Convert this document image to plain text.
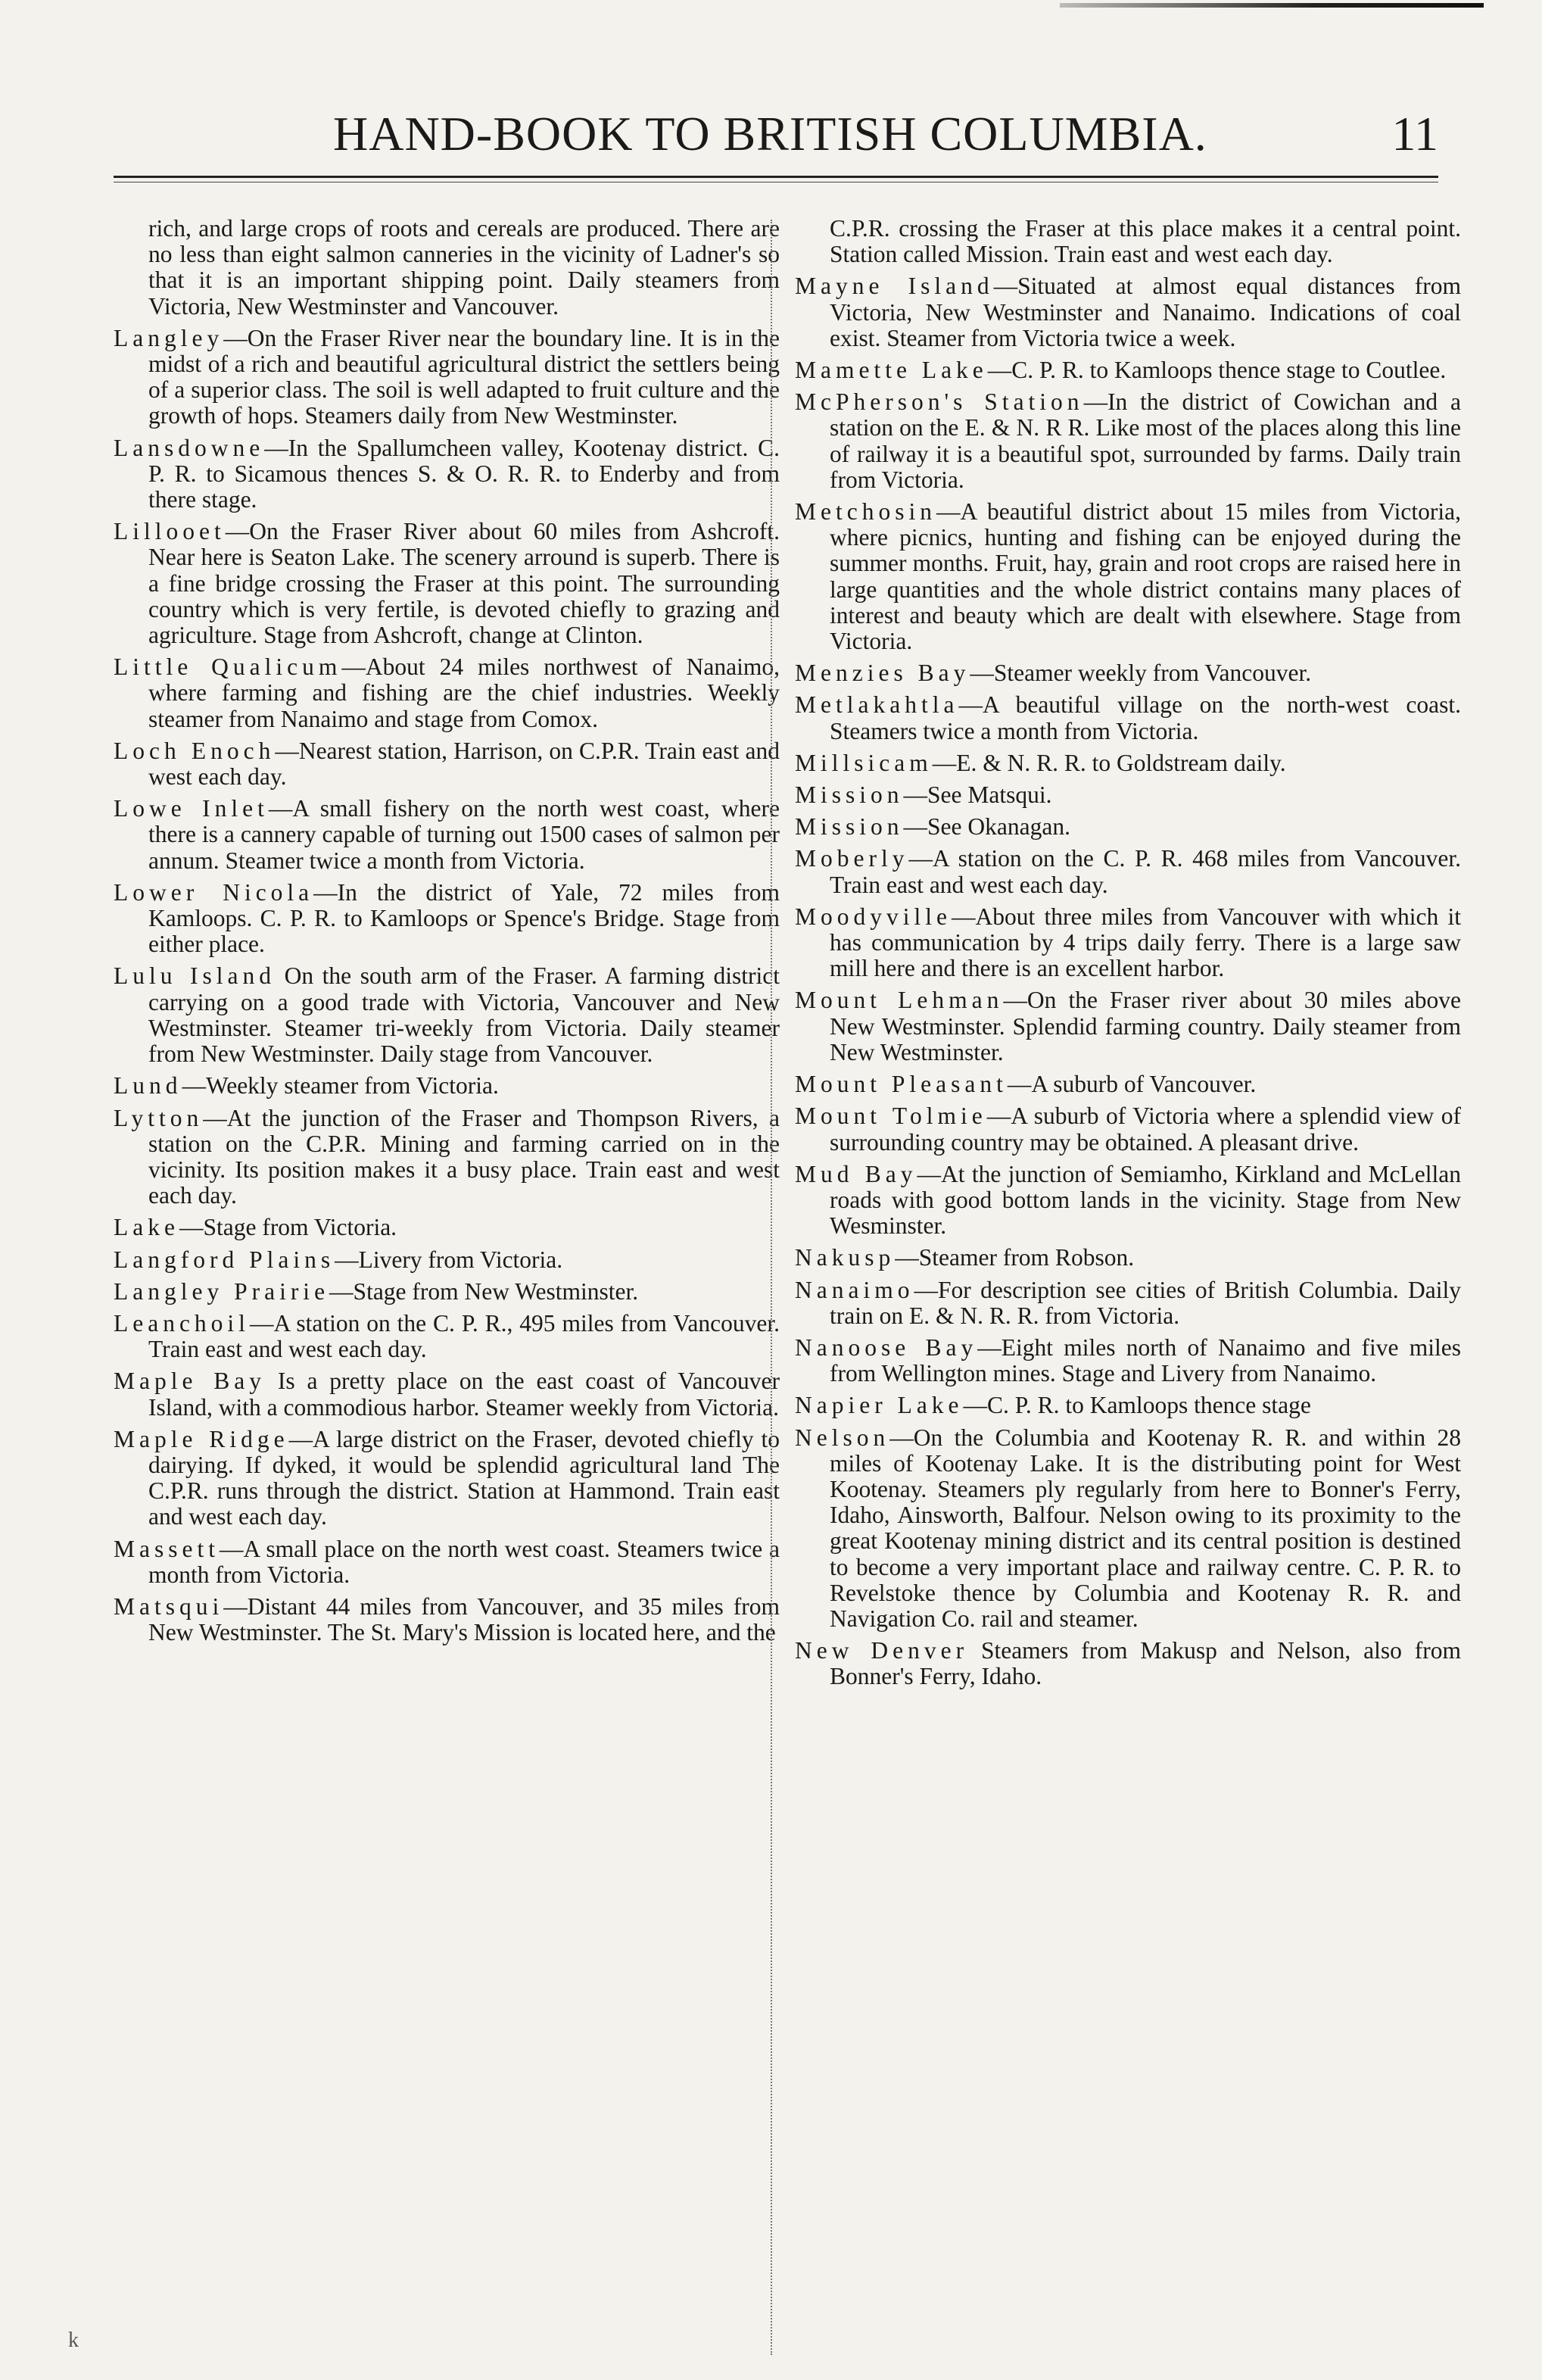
HAND-BOOK TO BRITISH COLUMBIA.	11

rich, and large crops of roots and cereals are produced. There are no less than eight salmon canneries in the vicinity of Ladner's so that it is an important shipping point. Daily steamers from Victoria, New Westminster and Vancouver.

Langley—On the Fraser River near the boundary line. It is in the midst of a rich and beautiful agricultural district the settlers being of a superior class. The soil is well adapted to fruit culture and the growth of hops. Steamers daily from New Westminster.

Lansdowne—In the Spallumcheen valley, Kootenay district. C. P. R. to Sicamous thences S. & O. R. R. to Enderby and from there stage.

Lillooet—On the Fraser River about 60 miles from Ashcroft. Near here is Seaton Lake. The scenery arround is superb. There is a fine bridge crossing the Fraser at this point. The surrounding country which is very fertile, is devoted chiefly to grazing and agriculture. Stage from Ashcroft, change at Clinton.

Little Qualicum—About 24 miles northwest of Nanaimo, where farming and fishing are the chief industries. Weekly steamer from Nanaimo and stage from Comox.

Loch Enoch—Nearest station, Harrison, on C.P.R. Train east and west each day.

Lowe Inlet—A small fishery on the north west coast, where there is a cannery capable of turning out 1500 cases of salmon per annum. Steamer twice a month from Victoria.

Lower Nicola—In the district of Yale, 72 miles from Kamloops. C. P. R. to Kamloops or Spence's Bridge. Stage from either place.

Lulu Island On the south arm of the Fraser. A farming district carrying on a good trade with Victoria, Vancouver and New Westminster. Steamer tri-weekly from Victoria. Daily steamer from New Westminster. Daily stage from Vancouver.

Lund—Weekly steamer from Victoria.

Lytton—At the junction of the Fraser and Thompson Rivers, a station on the C.P.R. Mining and farming carried on in the vicinity. Its position makes it a busy place. Train east and west each day.

Lake—Stage from Victoria.

Langford Plains—Livery from Victoria.

Langley Prairie—Stage from New Westminster.

Leanchoil—A station on the C. P. R., 495 miles from Vancouver. Train east and west each day.

Maple Bay Is a pretty place on the east coast of Vancouver Island, with a commodious harbor. Steamer weekly from Victoria.

Maple Ridge—A large district on the Fraser, devoted chiefly to dairying. If dyked, it would be splendid agricultural land The C.P.R. runs through the district. Station at Hammond. Train east and west each day.

Massett—A small place on the north west coast. Steamers twice a month from Victoria.

Matsqui—Distant 44 miles from Vancouver, and 35 miles from New Westminster. The St. Mary's Mission is located here, and the

C.P.R. crossing the Fraser at this place makes it a central point. Station called Mission. Train east and west each day.

Mayne Island—Situated at almost equal distances from Victoria, New Westminster and Nanaimo. Indications of coal exist. Steamer from Victoria twice a week.

Mamette Lake—C. P. R. to Kamloops thence stage to Coutlee.

McPherson's Station—In the district of Cowichan and a station on the E. & N. R R. Like most of the places along this line of railway it is a beautiful spot, surrounded by farms. Daily train from Victoria.

Metchosin—A beautiful district about 15 miles from Victoria, where picnics, hunting and fishing can be enjoyed during the summer months. Fruit, hay, grain and root crops are raised here in large quantities and the whole district contains many places of interest and beauty which are dealt with elsewhere. Stage from Victoria.

Menzies Bay—Steamer weekly from Vancouver.

Metlakahtla—A beautiful village on the north-west coast. Steamers twice a month from Victoria.

Millsicam—E. & N. R. R. to Goldstream daily.

Mission—See Matsqui.

Mission—See Okanagan.

Moberly—A station on the C. P. R. 468 miles from Vancouver. Train east and west each day.

Moodyville—About three miles from Vancouver with which it has communication by 4 trips daily ferry. There is a large saw mill here and there is an excellent harbor.

Mount Lehman—On the Fraser river about 30 miles above New Westminster. Splendid farming country. Daily steamer from New Westminster.

Mount Pleasant—A suburb of Vancouver.

Mount Tolmie—A suburb of Victoria where a splendid view of surrounding country may be obtained. A pleasant drive.

Mud Bay—At the junction of Semiamho, Kirkland and McLellan roads with good bottom lands in the vicinity. Stage from New Wesminster.

Nakusp—Steamer from Robson.

Nanaimo—For description see cities of British Columbia. Daily train on E. & N. R. R. from Victoria.

Nanoose Bay—Eight miles north of Nanaimo and five miles from Wellington mines. Stage and Livery from Nanaimo.

Napier Lake—C. P. R. to Kamloops thence stage

Nelson—On the Columbia and Kootenay R. R. and within 28 miles of Kootenay Lake. It is the distributing point for West Kootenay. Steamers ply regularly from here to Bonner's Ferry, Idaho, Ainsworth, Balfour. Nelson owing to its proximity to the great Kootenay mining district and its central position is destined to become a very important place and railway centre. C. P. R. to Revelstoke thence by Columbia and Kootenay R. R. and Navigation Co. rail and steamer.

New Denver Steamers from Makusp and Nelson, also from Bonner's Ferry, Idaho.

k
